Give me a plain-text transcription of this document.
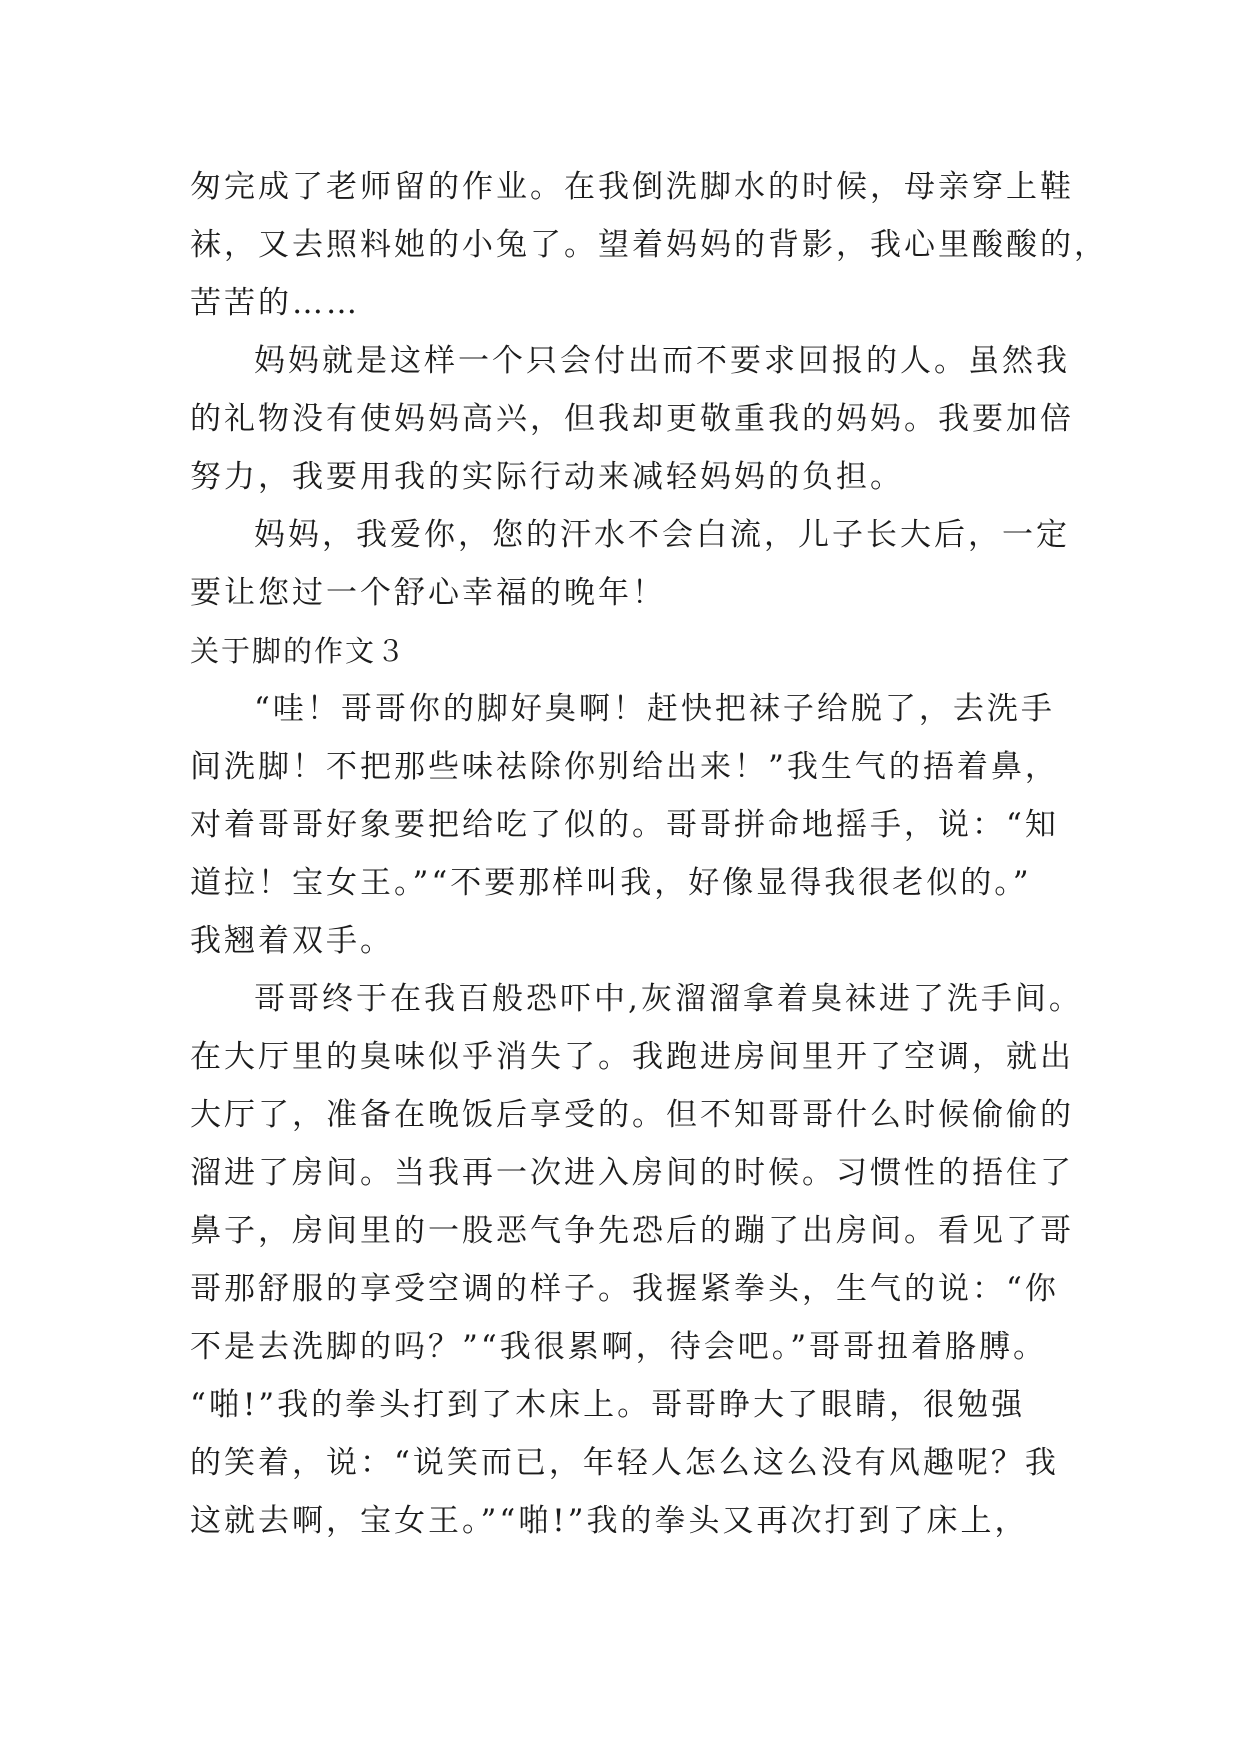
匆完成了老师留的作业。在我倒洗脚水的时候，母亲穿上鞋
袜，又去照料她的小兔了。望着妈妈的背影，我心里酸酸的，
苦苦的……
妈妈就是这样一个只会付出而不要求回报的人。虽然我
的礼物没有使妈妈高兴，但我却更敬重我的妈妈。我要加倍
努力，我要用我的实际行动来减轻妈妈的负担。
妈妈，我爱你，您的汗水不会白流，儿子长大后，一定
要让您过一个舒心幸福的晚年！
关于脚的作文３
“哇！哥哥你的脚好臭啊！赶快把袜子给脱了，去洗手
间洗脚！不把那些味祛除你别给出来！”我生气的捂着鼻，
对着哥哥好象要把给吃了似的。哥哥拼命地摇手，说：“知
道拉！宝女王。”“不要那样叫我，好像显得我很老似的。”
我翘着双手。
哥哥终于在我百般恐吓中,灰溜溜拿着臭袜进了洗手间。
在大厅里的臭味似乎消失了。我跑进房间里开了空调，就出
大厅了，准备在晚饭后享受的。但不知哥哥什么时候偷偷的
溜进了房间。当我再一次进入房间的时候。习惯性的捂住了
鼻子，房间里的一股恶气争先恐后的蹦了出房间。看见了哥
哥那舒服的享受空调的样子。我握紧拳头，生气的说：“你
不是去洗脚的吗？”“我很累啊，待会吧。”哥哥扭着胳膊。
“啪!”我的拳头打到了木床上。哥哥睁大了眼睛，很勉强
的笑着，说：“说笑而已，年轻人怎么这么没有风趣呢？我
这就去啊，宝女王。”“啪!”我的拳头又再次打到了床上，
